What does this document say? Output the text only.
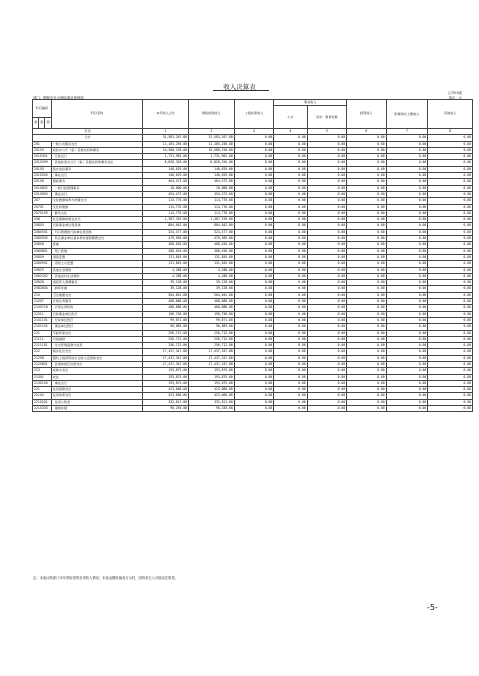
收入决算表
公开03表
单位：元
部门：鹤壁市社会保险事业管理局
科目编码			科目名称	本年收入合计	财政拨款收入	上级补助收入	事业收入		经营收入	附属单位上缴收入	其他收入
							小计	其中：教育收费			
类	款	项									
栏次				1	2	3	4	5	6	7	8
合计				31,583,267.88	31,583,267.88	0.00	0.00	0.00	0.00	0.00	0.00
201			一般公共服务支出	11,165,256.00	11,165,256.00	0.00	0.00	0.00	0.00	0.00	0.00
20103			政府办公厅（室）及相关机构事务	10,580,228.00	10,580,228.00	0.00	0.00	0.00	0.00	0.00	0.00
2010301			行政运行	1,731,902.00	1,731,902.00	0.00	0.00	0.00	0.00	0.00	0.00
2010399			其他政府办公厅（室）及相关机构事务支出	8,828,326.00	8,828,326.00	0.00	0.00	0.00	0.00	0.00	0.00
20105			统计信息事务	140,629.00	140,629.00	0.00	0.00	0.00	0.00	0.00	0.00
2010550			事业运行	140,629.00	140,629.00	0.00	0.00	0.00	0.00	0.00	0.00
20106			财政事务	464,473.00	464,473.00	0.00	0.00	0.00	0.00	0.00	0.00
2010602			一般行政管理事务	10,000.00	10,000.00	0.00	0.00	0.00	0.00	0.00	0.00
2010650			事业运行	454,473.00	454,473.00	0.00	0.00	0.00	0.00	0.00	0.00
207			文化旅游体育与传媒支出	114,776.00	114,776.00	0.00	0.00	0.00	0.00	0.00	0.00
20701			文化和旅游	114,776.00	114,776.00	0.00	0.00	0.00	0.00	0.00	0.00
2070109			群众文化	114,776.00	114,776.00	0.00	0.00	0.00	0.00	0.00	0.00
208			社会保障和就业支出	1,387,319.00	1,387,319.00	0.00	0.00	0.00	0.00	0.00	0.00
20805			行政事业单位离退休	804,042.00	804,042.00	0.00	0.00	0.00	0.00	0.00	0.00
2080501			归口管理的行政单位离退休	324,477.00	324,477.00	0.00	0.00	0.00	0.00	0.00	0.00
2080505			机关事业单位基本养老保险缴费支出	479,565.00	479,565.00	0.00	0.00	0.00	0.00	0.00	0.00
20808			抚恤	408,016.00	408,016.00	0.00	0.00	0.00	0.00	0.00	0.00
2080801			死亡抚恤	408,016.00	408,016.00	0.00	0.00	0.00	0.00	0.00	0.00
20809			退役安置	131,845.00	131,845.00	0.00	0.00	0.00	0.00	0.00	0.00
2080901			退役士兵安置	131,845.00	131,845.00	0.00	0.00	0.00	0.00	0.00	0.00
20825			其他生活救助	4,288.00	4,288.00	0.00	0.00	0.00	0.00	0.00	0.00
2082502			其他农村生活救助	4,288.00	4,288.00	0.00	0.00	0.00	0.00	0.00	0.00
20828			退役军人管理事务	39,128.00	39,128.00	0.00	0.00	0.00	0.00	0.00	0.00
2082804			拥军优属	39,128.00	39,128.00	0.00	0.00	0.00	0.00	0.00	0.00
210			卫生健康支出	504,842.00	504,842.00	0.00	0.00	0.00	0.00	0.00	0.00
21007			计划生育事务	408,086.00	408,086.00	0.00	0.00	0.00	0.00	0.00	0.00
2100716			计划生育机构	408,086.00	408,086.00	0.00	0.00	0.00	0.00	0.00	0.00
21011			行政事业单位医疗	196,756.00	196,756.00	0.00	0.00	0.00	0.00	0.00	0.00
2101101			行政单位医疗	99,871.00	99,871.00	0.00	0.00	0.00	0.00	0.00	0.00
2101102			事业单位医疗	96,885.00	96,885.00	0.00	0.00	0.00	0.00	0.00	0.00
211			节能环保支出	256,712.00	256,712.00	0.00	0.00	0.00	0.00	0.00	0.00
21111			污染减排	256,712.00	256,712.00	0.00	0.00	0.00	0.00	0.00	0.00
2111101			生态环境监测与信息	256,712.00	256,712.00	0.00	0.00	0.00	0.00	0.00	0.00
212			城乡社区支出	17,437,347.88	17,437,347.88	0.00	0.00	0.00	0.00	0.00	0.00
21208			国有土地使用权出让收入安排的支出	17,437,347.88	17,437,347.88	0.00	0.00	0.00	0.00	0.00	0.00
2120801			征地和拆迁补偿支出	17,437,347.88	17,437,347.88	0.00	0.00	0.00	0.00	0.00	0.00
213			农林水支出	193,875.00	193,875.00	0.00	0.00	0.00	0.00	0.00	0.00
21301			农业	193,875.00	193,875.00	0.00	0.00	0.00	0.00	0.00	0.00
2130104			事业运行	193,875.00	193,875.00	0.00	0.00	0.00	0.00	0.00	0.00
221			住房保障支出	423,066.00	423,066.00	0.00	0.00	0.00	0.00	0.00	0.00
22102			住房改革支出	423,066.00	423,066.00	0.00	0.00	0.00	0.00	0.00	0.00
2210201			住房公积金	332,811.00	332,811.00	0.00	0.00	0.00	0.00	0.00	0.00
2210203			提租补贴	90,255.00	90,255.00	0.00	0.00	0.00	0.00	0.00	0.00
注：本表反映部门本年度取得的各项收入情况；本表金额转换成万元时，因四舍五入可能存在尾差。
-5-
